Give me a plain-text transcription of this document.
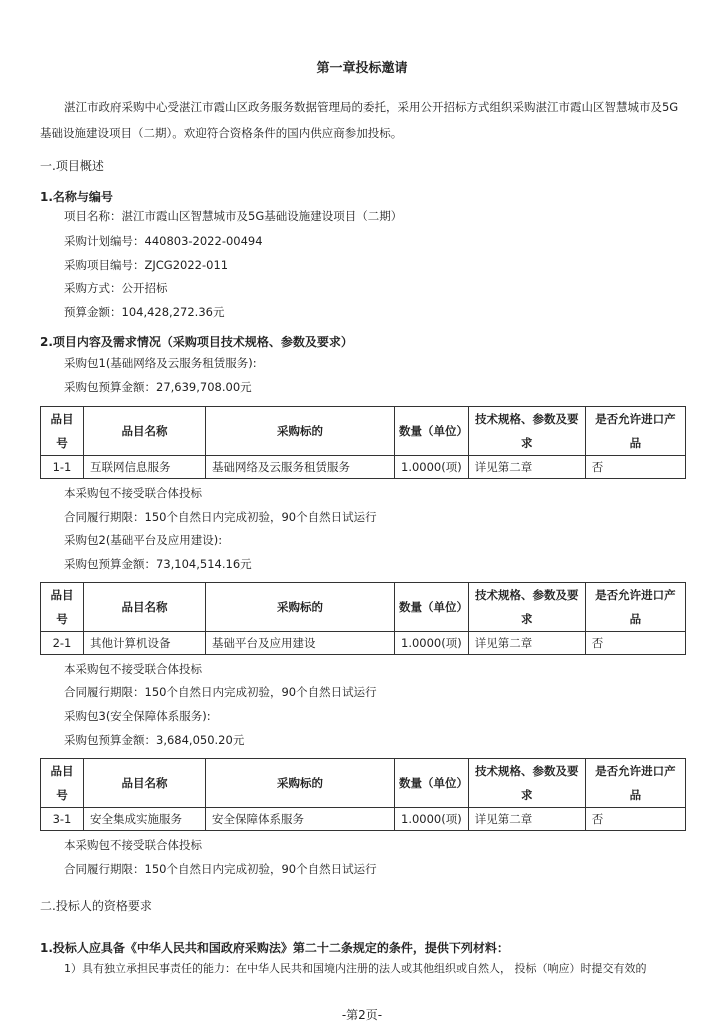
第一章投标邀请
湛江市政府采购中心受湛江市霞山区政务服务数据管理局的委托，采用公开招标方式组织采购湛江市霞山区智慧城市及5G基础设施建设项目（二期）。欢迎符合资格条件的国内供应商参加投标。
一.项目概述
1.名称与编号
项目名称：湛江市霞山区智慧城市及5G基础设施建设项目（二期）
采购计划编号：440803-2022-00494
采购项目编号：ZJCG2022-011
采购方式：公开招标
预算金额：104,428,272.36元
2.项目内容及需求情况（采购项目技术规格、参数及要求）
采购包1(基础网络及云服务租赁服务):
采购包预算金额：27,639,708.00元
品目号	品目名称	采购标的	数量（单位）	技术规格、参数及要求	是否允许进口产品
1-1	互联网信息服务	基础网络及云服务租赁服务	1.0000(项)	详见第二章	否
本采购包不接受联合体投标
合同履行期限：150个自然日内完成初验，90个自然日试运行
采购包2(基础平台及应用建设):
采购包预算金额：73,104,514.16元
品目号	品目名称	采购标的	数量（单位）	技术规格、参数及要求	是否允许进口产品
2-1	其他计算机设备	基础平台及应用建设	1.0000(项)	详见第二章	否
本采购包不接受联合体投标
合同履行期限：150个自然日内完成初验，90个自然日试运行
采购包3(安全保障体系服务):
采购包预算金额：3,684,050.20元
品目号	品目名称	采购标的	数量（单位）	技术规格、参数及要求	是否允许进口产品
3-1	安全集成实施服务	安全保障体系服务	1.0000(项)	详见第二章	否
本采购包不接受联合体投标
合同履行期限：150个自然日内完成初验，90个自然日试运行
二.投标人的资格要求
1.投标人应具备《中华人民共和国政府采购法》第二十二条规定的条件，提供下列材料：
1）具有独立承担民事责任的能力：在中华人民共和国境内注册的法人或其他组织或自然人， 投标（响应）时提交有效的
-第2页-
